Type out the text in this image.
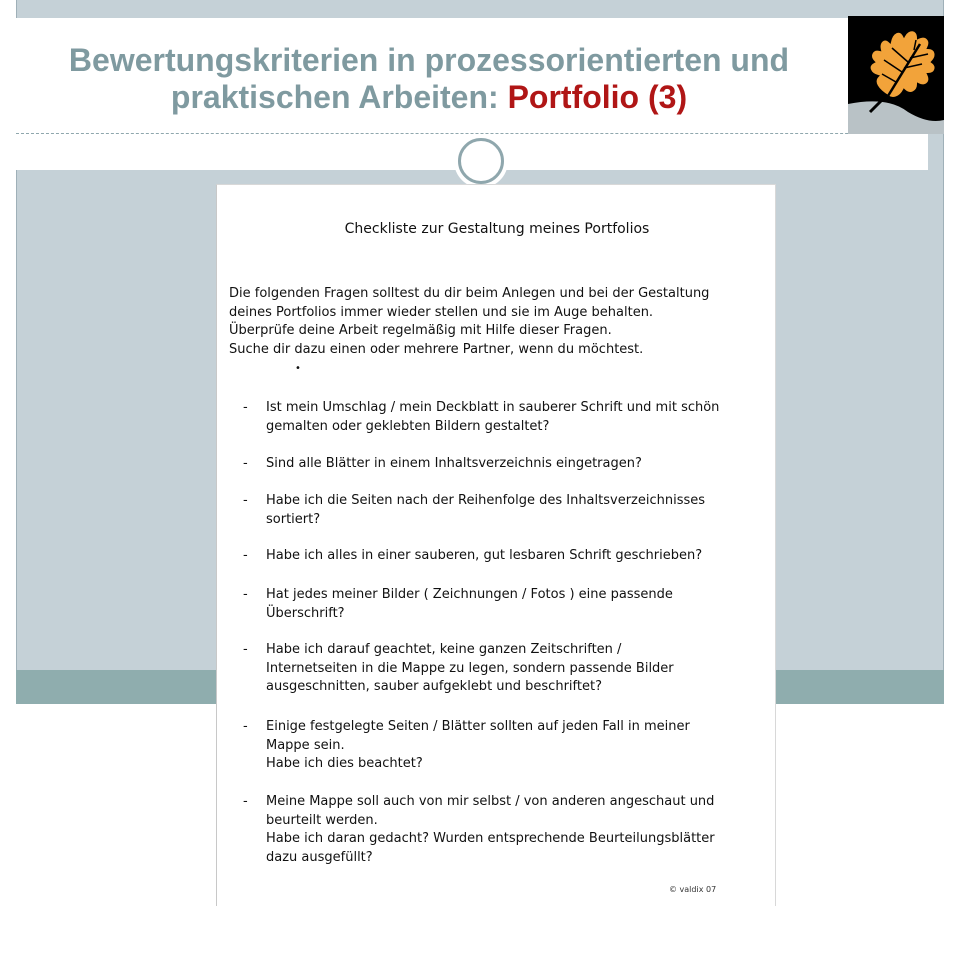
Bewertungskriterien in prozessorientierten und praktischen Arbeiten: Portfolio (3)
Checkliste zur Gestaltung meines Portfolios
Die folgenden Fragen solltest du dir beim Anlegen und bei der Gestaltung
deines Portfolios immer wieder stellen und sie im Auge behalten.
Überprüfe deine Arbeit regelmäßig mit Hilfe dieser Fragen.
Suche dir dazu einen oder mehrere Partner, wenn du möchtest.
•
- Ist mein Umschlag / mein Deckblatt in sauberer Schrift und mit schön
gemalten oder geklebten Bildern gestaltet?
- Sind alle Blätter in einem Inhaltsverzeichnis eingetragen?
- Habe ich die Seiten nach der Reihenfolge des Inhaltsverzeichnisses
sortiert?
- Habe ich alles in einer sauberen, gut lesbaren Schrift geschrieben?
- Hat jedes meiner Bilder ( Zeichnungen / Fotos ) eine passende
Überschrift?
- Habe ich darauf geachtet, keine ganzen Zeitschriften /
Internetseiten in die Mappe zu legen, sondern passende Bilder
ausgeschnitten, sauber aufgeklebt und beschriftet?
- Einige festgelegte Seiten / Blätter sollten auf jeden Fall in meiner
Mappe sein.
Habe ich dies beachtet?
- Meine Mappe soll auch von mir selbst / von anderen angeschaut und
beurteilt werden.
Habe ich daran gedacht? Wurden entsprechende Beurteilungsblätter
dazu ausgefüllt?
© valdix 07
